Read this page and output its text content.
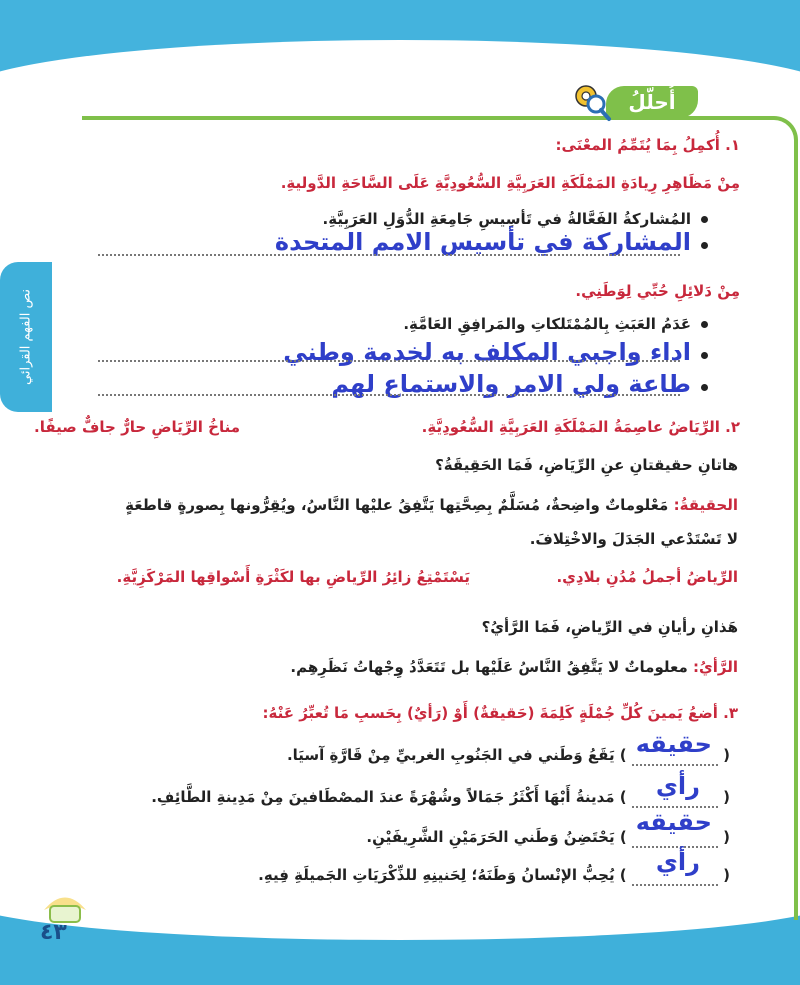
أُحلّلُ
نص الفهم القرائي
١. أُكمِلُ بِمَا يُتَمِّمُ المعْنَى:
مِنْ مَظَاهِرِ رِيادَةِ المَمْلَكَةِ العَرَبِيَّةِ السُّعُودِيَّةِ عَلَى السَّاحَةِ الدَّوليةِ.
المُشاركةُ الفَعَّالةُ في تَأسِيسِ جَامِعَةِ الدُّوَلِ العَرَبِيَّةِ.
المشاركة في تأسيس الامم المتحدة
مِنْ دَلائِلِ حُبِّي لِوَطَنِي.
عَدَمُ العَبَثِ بِالمُمْتَلكاتِ والمَرافِقِ العَامَّةِ.
اداء واجبي المكلف به لخدمة وطني
طاعة ولي الامر والاستماع لهم
٢. الرِّيَاضُ عاصِمَةُ المَمْلَكَةِ العَرَبِيَّةِ السُّعُودِيَّةِ.
مناخُ الرِّيَاضِ حارٌّ جافٌّ صيفًا.
هاتانِ حقيقتانِ عنِ الرِّيَاضِ، فَمَا الحَقِيقَةُ؟
الحقيقةُ: مَعْلوماتٌ واضِحةٌ، مُسَلَّمٌ بِصِحَّتِها يَتَّفِقُ عليْها النَّاسُ، ويُقِرُّونها بِصورةٍ قاطعَةٍ
لا تَسْتَدْعي الجَدَلَ والاخْتِلافَ.
الرِّياضُ أجملُ مُدُنِ بلادِي.
يَسْتَمْتِعُ زائِرُ الرِّياضِ بها لكَثْرَةِ أَسْواقِها المَرْكَزِيَّةِ.
هَذانِ رأيانِ في الرِّياضِ، فَمَا الرَّأيُ؟
الرَّأيُ: معلوماتٌ لا يَتَّفِقُ النَّاسُ عَلَيْها بل تَتَعَدَّدُ وِجْهاتُ نَظَرِهِم.
٣. أضعُ يَمينَ كُلِّ جُمْلَةٍ كَلِمَةَ (حَقيقةٌ) أَوْ (رَأيٌ) بِحَسبِ مَا تُعبِّرُ عَنْهُ:
(
حقيقه
) يَقَعُ وَطَني في الجَنُوبِ الغربيِّ مِنْ قَارَّةِ آسيَا.
(
رأي
) مَدينةُ أَبْهَا أَكْثَرُ جَمَالاً وشُهْرَةً عندَ المصْطَافينَ مِنْ مَدِينةِ الطَّائِفِ.
(
حقيقه
) يَحْتَضِنُ وَطَني الحَرَمَيْنِ الشَّرِيفَيْنِ.
(
رأي
) يُحِبُّ الإنْسانُ وَطَنَهُ؛ لِحَنينِهِ للذِّكْرَيَاتِ الجَميلَةِ فِيهِ.
٤٣
